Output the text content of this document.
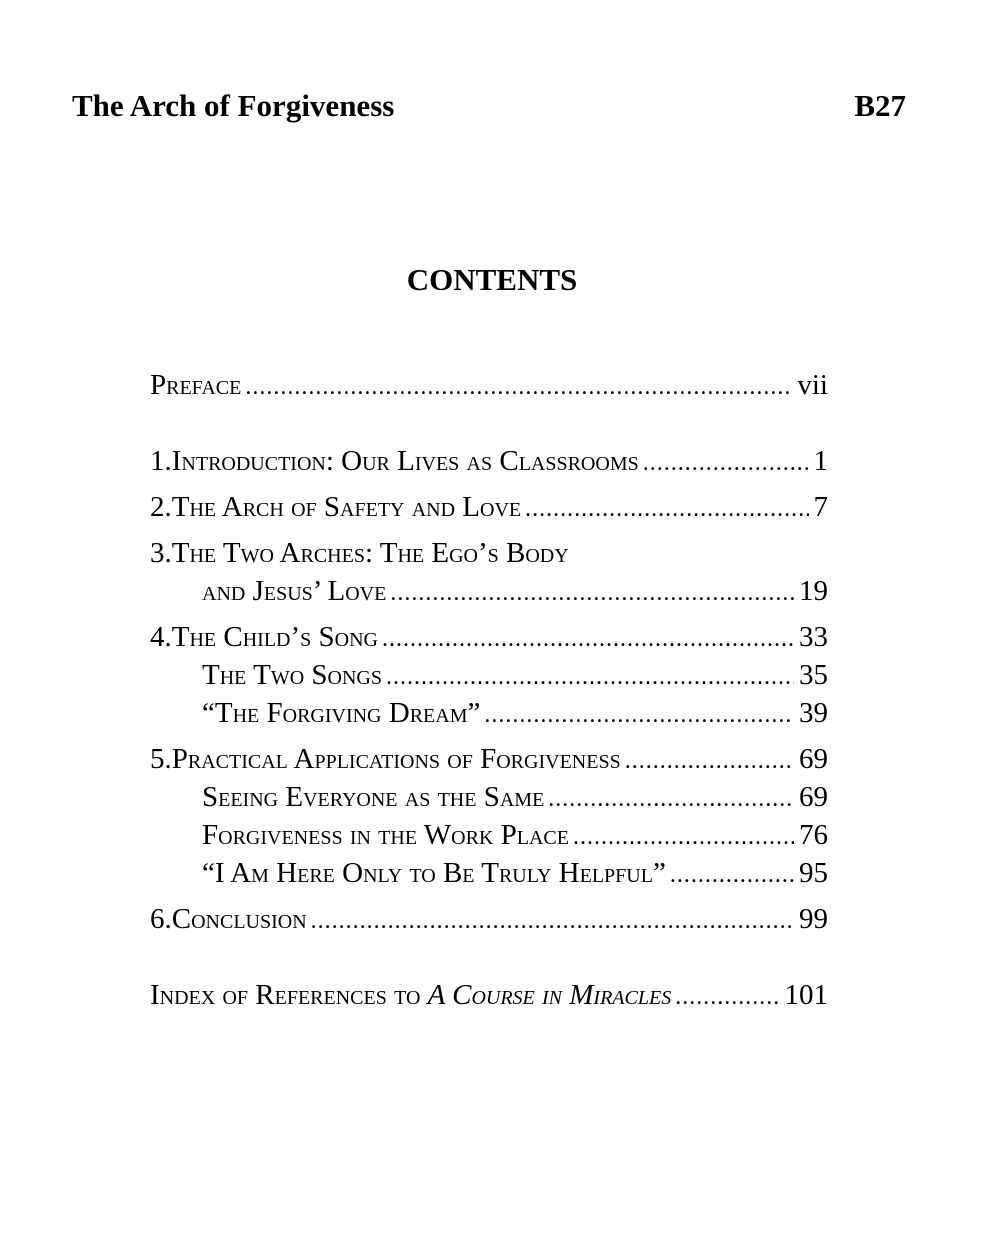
The Arch of Forgiveness	B27
CONTENTS
Preface .....	vii
1. Introduction: Our Lives as Classrooms .....	1
2. The Arch of Safety and Love .....	7
3. The Two Arches: The Ego’s Body
and Jesus’ Love .....	19
4. The Child’s Song .....	33
The Two Songs .....	35
“The Forgiving Dream” .....	39
5. Practical Applications of Forgiveness .....	69
Seeing Everyone as the Same .....	69
Forgiveness in the Work Place .....	76
“I Am Here Only to Be Truly Helpful” .....	95
6. Conclusion .....	99
Index of References to A Course in Miracles .....	101
